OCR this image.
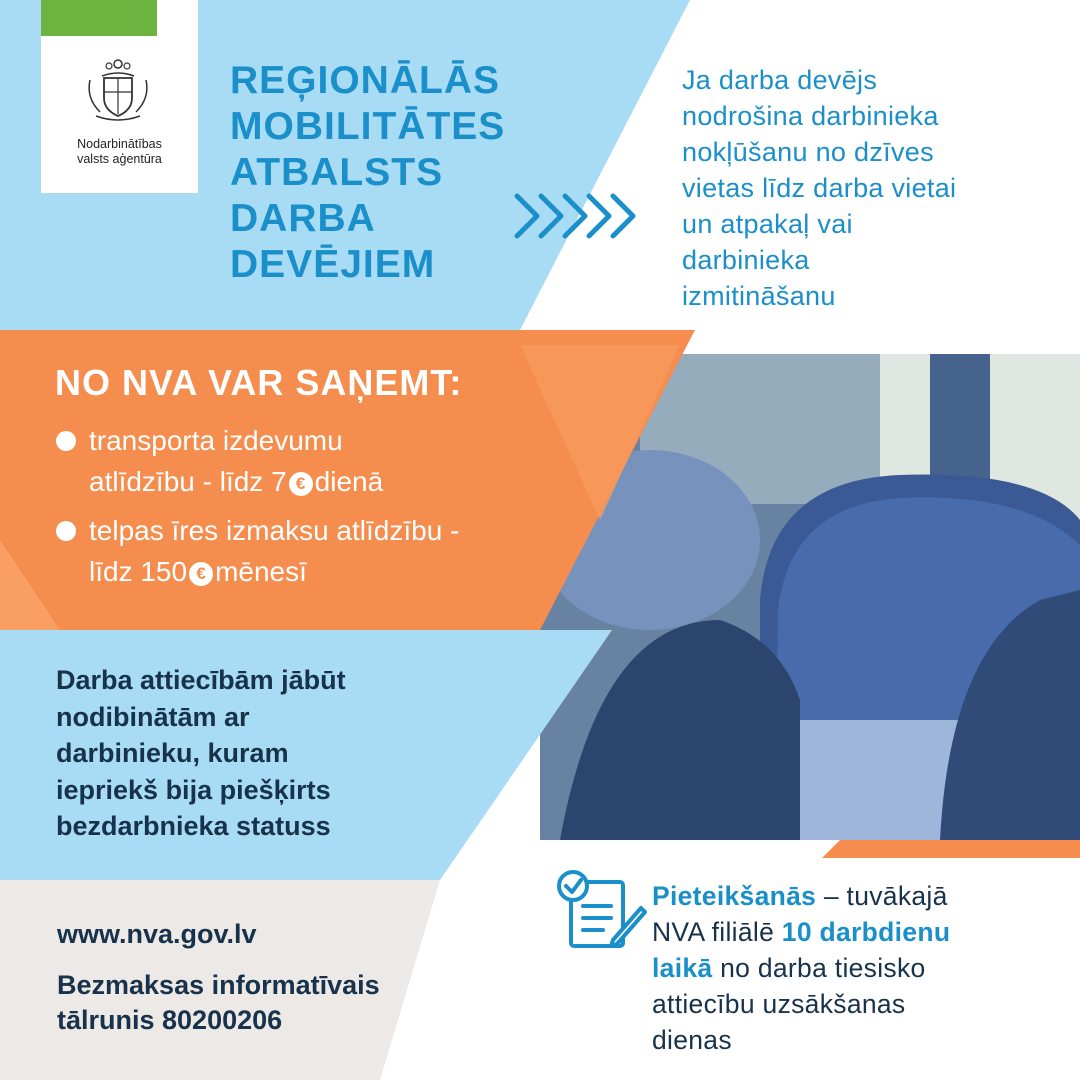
Nodarbinātības
valsts aģentūra
REĢIONĀLĀS
MOBILITĀTES
ATBALSTS
DARBA
DEVĒJIEM
Ja darba devējs
nodrošina darbinieka
nokļūšanu no dzīves
vietas līdz darba vietai
un atpakaļ vai
darbinieka
izmitināšanu
NO NVA VAR SAŅEMT:
transporta izdevumu
atlīdzību - līdz 7 € dienā
telpas īres izmaksu atlīdzību -
līdz 150 € mēnesī
Darba attiecībām jābūt
nodibinātām ar
darbinieku, kuram
iepriekš bija piešķirts
bezdarbnieka statuss
www.nva.gov.lv
Bezmaksas informatīvais
tālrunis 80200206
Pieteikšanās – tuvākajā
NVA filiālē 10 darbdienu
laikā no darba tiesisko
attiecību uzsākšanas
dienas
